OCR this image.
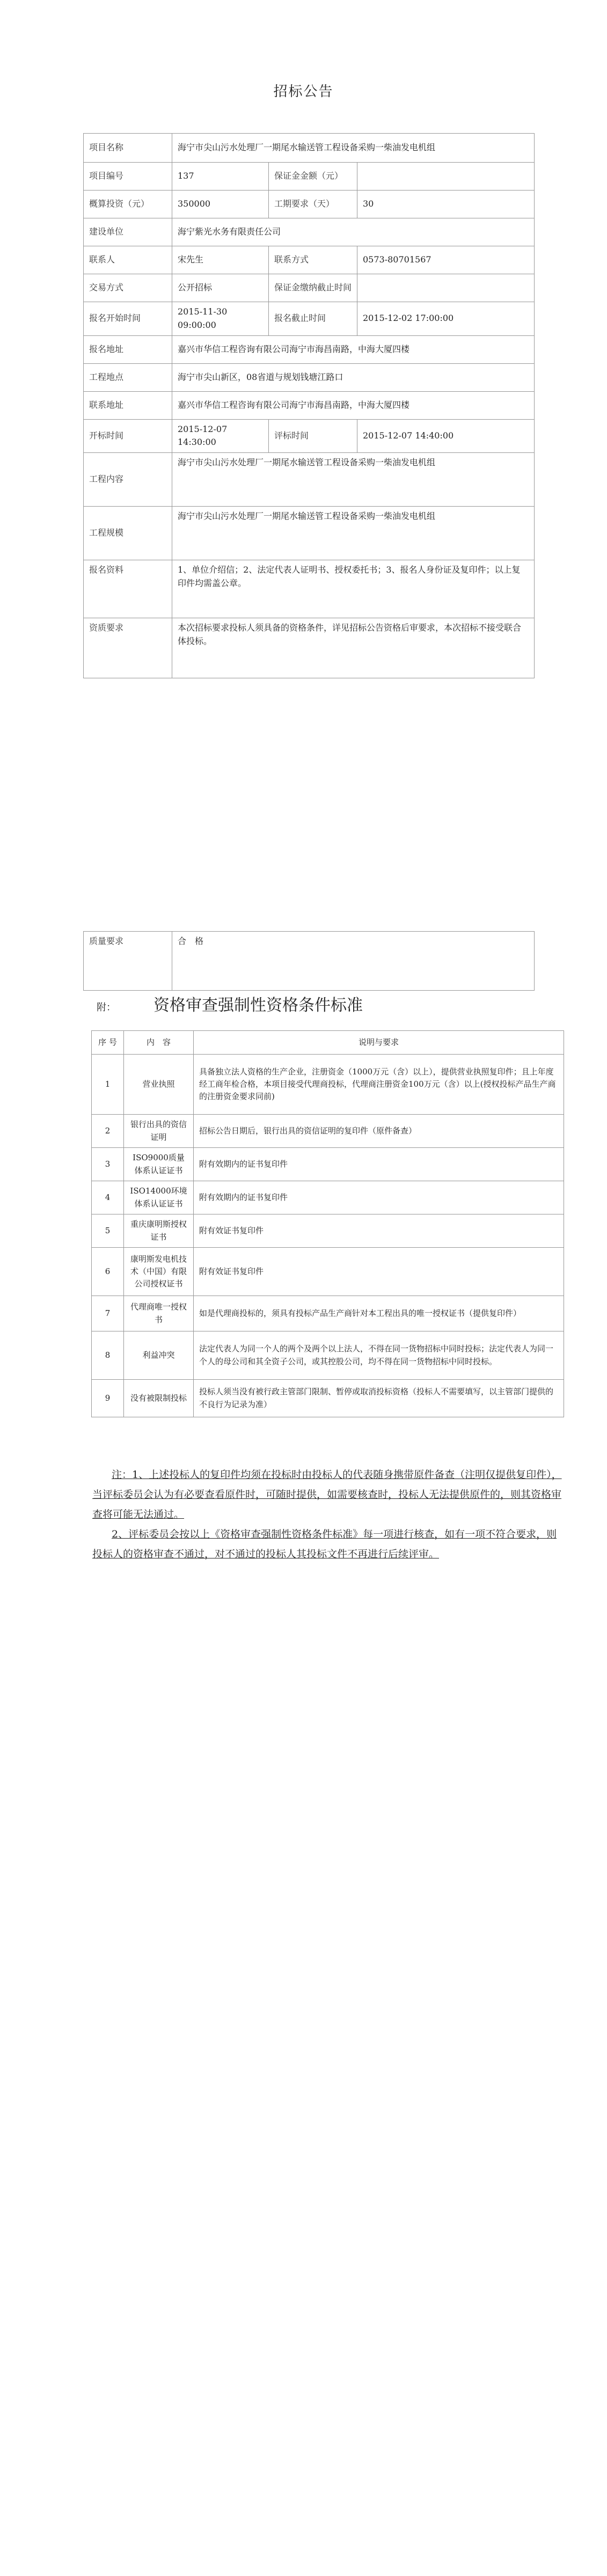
招标公告
项目名称	海宁市尖山污水处理厂一期尾水输送管工程设备采购一柴油发电机组		
项目编号	137	保证金金额（元）	
概算投资（元）	350000	工期要求（天）	30
建设单位	海宁紫光水务有限责任公司		
联系人	宋先生	联系方式	0573-80701567
交易方式	公开招标	保证金缴纳截止时间	
报名开始时间	2015-11-30 09:00:00	报名截止时间	2015-12-02 17:00:00
报名地址	嘉兴市华信工程咨询有限公司海宁市海昌南路，中海大厦四楼		
工程地点	海宁市尖山新区，08省道与规划钱塘江路口		
联系地址	嘉兴市华信工程咨询有限公司海宁市海昌南路，中海大厦四楼		
开标时间	2015-12-07 14:30:00	评标时间	2015-12-07 14:40:00
工程内容	海宁市尖山污水处理厂一期尾水输送管工程设备采购一柴油发电机组		
工程规模	海宁市尖山污水处理厂一期尾水输送管工程设备采购一柴油发电机组		
报名资料	1、单位介绍信；2、法定代表人证明书、授权委托书；3、报名人身份证及复印件；以上复印件均需盖公章。		
资质要求	本次招标要求投标人须具备的资格条件，详见招标公告资格后审要求，本次招标不接受联合体投标。		
质量要求	合　格
附： 资格审查强制性资格条件标准
序 号	内　容	说明与要求
1	营业执照	具备独立法人资格的生产企业，注册资金（1000万元（含）以上），提供营业执照复印件；且上年度经工商年检合格，本项目接受代理商投标，代理商注册资金100万元（含）以上(授权投标产品生产商的注册资金要求同前)
2	银行出具的资信证明	招标公告日期后，银行出具的资信证明的复印件（原件备查）
3	ISO9000质量体系认证证书	附有效期内的证书复印件
4	ISO14000环境体系认证证书	附有效期内的证书复印件
5	重庆康明斯授权证书	附有效证书复印件
6	康明斯发电机技术（中国）有限公司授权证书	附有效证书复印件
7	代理商唯一授权书	如是代理商投标的，须具有投标产品生产商针对本工程出具的唯一授权证书（提供复印件）
8	利益冲突	法定代表人为同一个人的两个及两个以上法人，不得在同一货物招标中同时投标；法定代表人为同一个人的母公司和其全资子公司，或其控股公司，均不得在同一货物招标中同时投标。
9	没有被限制投标	投标人须当没有被行政主管部门限制、暂停或取消投标资格（投标人不需要填写，以主管部门提供的不良行为记录为准）

注：1、上述投标人的复印件均须在投标时由投标人的代表随身携带原件备查（注明仅提供复印件），当评标委员会认为有必要查看原件时，可随时提供，如需要核查时，投标人无法提供原件的，则其资格审查将可能无法通过。

2、评标委员会按以上《资格审查强制性资格条件标准》每一项进行核查，如有一项不符合要求，则投标人的资格审查不通过，对不通过的投标人其投标文件不再进行后续评审。
